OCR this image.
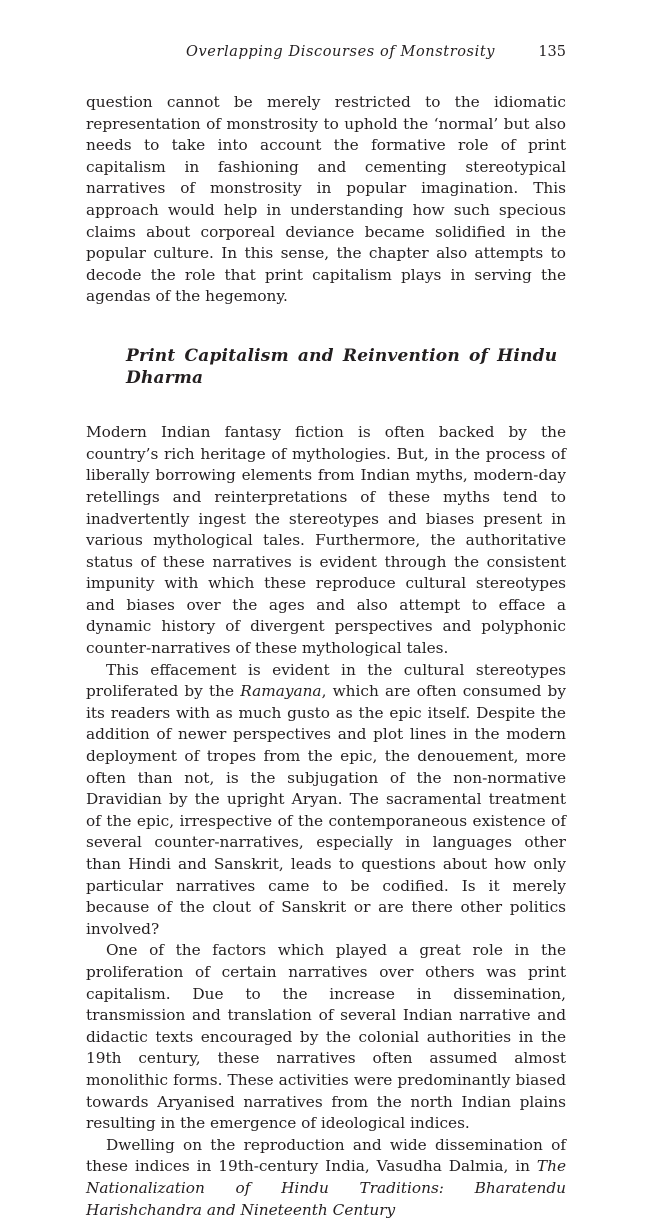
Overlapping Discourses of Monstrosity	135

question cannot be merely restricted to the idiomatic representation of monstrosity to uphold the ‘normal’ but also needs to take into account the formative role of print capitalism in fashioning and cementing stereotypical narratives of monstrosity in popular imagination. This approach would help in understanding how such specious claims about corporeal deviance became solidified in the popular culture. In this sense, the chapter also attempts to decode the role that print capitalism plays in serving the agendas of the hegemony.

Print Capitalism and Reinvention of Hindu Dharma

Modern Indian fantasy fiction is often backed by the country’s rich heritage of mythologies. But, in the process of liberally borrowing elements from Indian myths, modern-day retellings and reinterpretations of these myths tend to inadvertently ingest the stereotypes and biases present in various mythological tales. Furthermore, the authoritative status of these narratives is evident through the consistent impunity with which these reproduce cultural stereotypes and biases over the ages and also attempt to efface a dynamic history of divergent perspectives and polyphonic counter-narratives of these mythological tales.

This effacement is evident in the cultural stereotypes proliferated by the Ramayana, which are often consumed by its readers with as much gusto as the epic itself. Despite the addition of newer perspectives and plot lines in the modern deployment of tropes from the epic, the denouement, more often than not, is the subjugation of the non-normative Dravidian by the upright Aryan. The sacramental treatment of the epic, irrespective of the contemporaneous existence of several counter-narratives, especially in languages other than Hindi and Sanskrit, leads to questions about how only particular narratives came to be codified. Is it merely because of the clout of Sanskrit or are there other politics involved?

One of the factors which played a great role in the proliferation of certain narratives over others was print capitalism. Due to the increase in dissemination, transmission and translation of several Indian narrative and didactic texts encouraged by the colonial authorities in the 19th century, these narratives often assumed almost monolithic forms. These activities were predominantly biased towards Aryanised narratives from the north Indian plains resulting in the emergence of ideological indices.

Dwelling on the reproduction and wide dissemination of these indices in 19th-century India, Vasudha Dalmia, in The Nationalization of Hindu Traditions: Bharatendu Harishchandra and Nineteenth Century
